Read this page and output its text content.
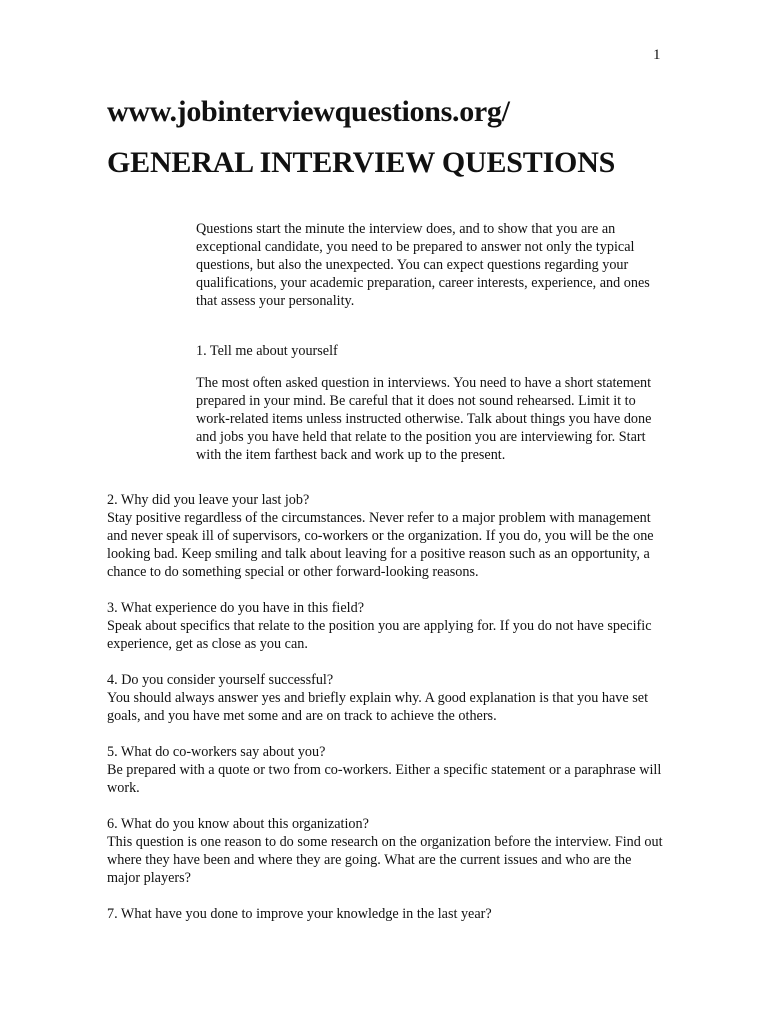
1
www.jobinterviewquestions.org/
GENERAL INTERVIEW QUESTIONS

Questions start the minute the interview does, and to show that you are an exceptional candidate, you need to be prepared to answer not only the typical questions, but also the unexpected. You can expect questions regarding your qualifications, your academic preparation, career interests, experience, and ones that assess your personality.

1. Tell me about yourself

The most often asked question in interviews. You need to have a short statement prepared in your mind. Be careful that it does not sound rehearsed. Limit it to work-related items unless instructed otherwise. Talk about things you have done and jobs you have held that relate to the position you are interviewing for. Start with the item farthest back and work up to the present.

2. Why did you leave your last job?

Stay positive regardless of the circumstances. Never refer to a major problem with management and never speak ill of supervisors, co-workers or the organization. If you do, you will be the one looking bad. Keep smiling and talk about leaving for a positive reason such as an opportunity, a chance to do something special or other forward-looking reasons.

3. What experience do you have in this field?

Speak about specifics that relate to the position you are applying for. If you do not have specific experience, get as close as you can.

4. Do you consider yourself successful?

You should always answer yes and briefly explain why. A good explanation is that you have set goals, and you have met some and are on track to achieve the others.

5. What do co-workers say about you?

Be prepared with a quote or two from co-workers. Either a specific statement or a paraphrase will work.

6. What do you know about this organization?

This question is one reason to do some research on the organization before the interview. Find out where they have been and where they are going. What are the current issues and who are the major players?

7. What have you done to improve your knowledge in the last year?
